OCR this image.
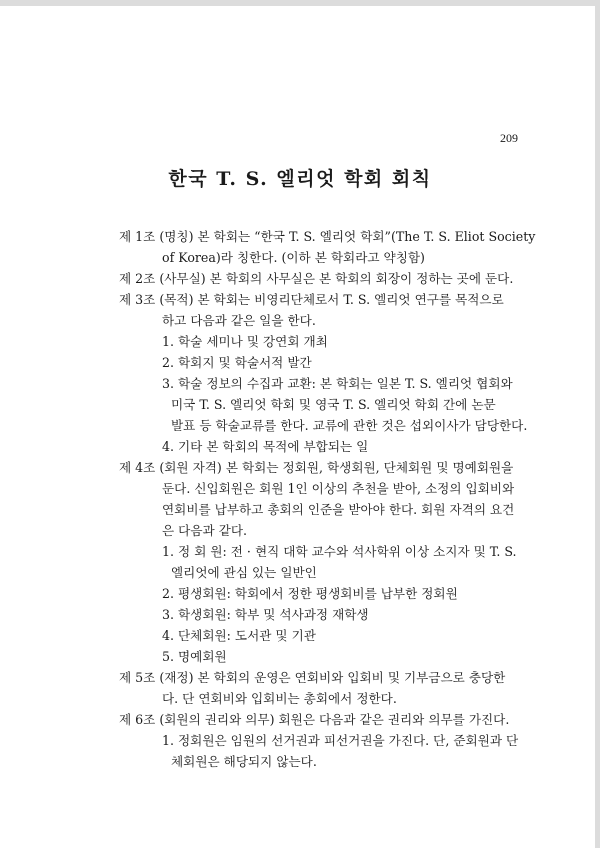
209
한국 T. S. 엘리엇 학회 회칙
제 1조 (명칭) 본 학회는 “한국 T. S. 엘리엇 학회”(The T. S. Eliot Society
of Korea)라 칭한다. (이하 본 학회라고 약칭함)
제 2조 (사무실) 본 학회의 사무실은 본 학회의 회장이 정하는 곳에 둔다.
제 3조 (목적) 본 학회는 비영리단체로서 T. S. 엘리엇 연구를 목적으로
하고 다음과 같은 일을 한다.
1. 학술 세미나 및 강연회 개최
2. 학회지 및 학술서적 발간
3. 학술 정보의 수집과 교환: 본 학회는 일본 T. S. 엘리엇 협회와
미국 T. S. 엘리엇 학회 및 영국 T. S. 엘리엇 학회 간에 논문
발표 등 학술교류를 한다. 교류에 관한 것은 섭외이사가 담당한다.
4. 기타 본 학회의 목적에 부합되는 일
제 4조 (회원 자격) 본 학회는 정회원, 학생회원, 단체회원 및 명예회원을
둔다. 신입회원은 회원 1인 이상의 추천을 받아, 소정의 입회비와
연회비를 납부하고 총회의 인준을 받아야 한다. 회원 자격의 요건
은 다음과 같다.
1. 정 회 원: 전 · 현직 대학 교수와 석사학위 이상 소지자 및 T. S.
엘리엇에 관심 있는 일반인
2. 평생회원: 학회에서 정한 평생회비를 납부한 정회원
3. 학생회원: 학부 및 석사과정 재학생
4. 단체회원: 도서관 및 기관
5. 명예회원
제 5조 (재정) 본 학회의 운영은 연회비와 입회비 및 기부금으로 충당한
다. 단 연회비와 입회비는 총회에서 정한다.
제 6조 (회원의 권리와 의무) 회원은 다음과 같은 권리와 의무를 가진다.
1. 정회원은 임원의 선거권과 피선거권을 가진다. 단, 준회원과 단
체회원은 해당되지 않는다.
